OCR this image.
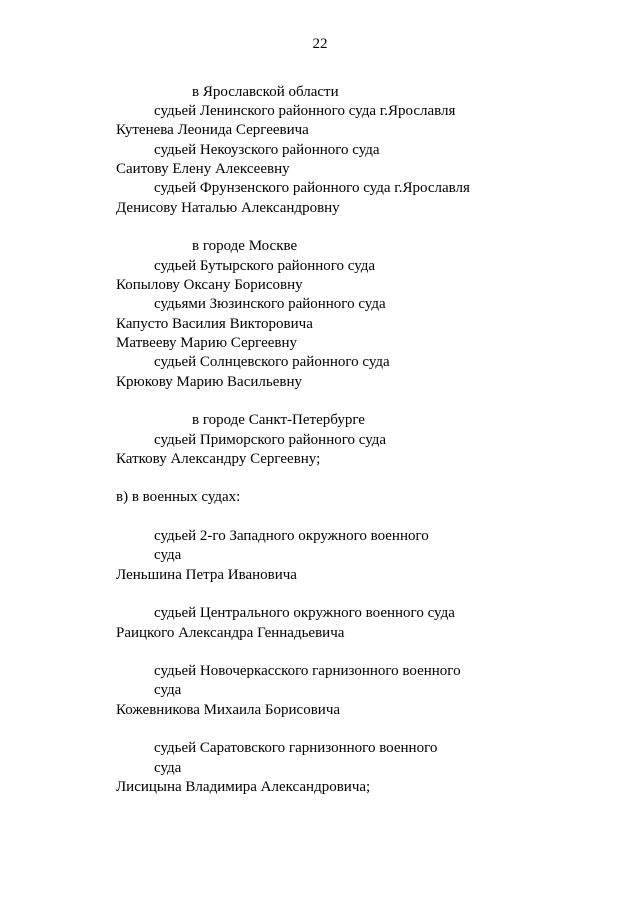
22
в Ярославской области
судьей Ленинского районного суда г.Ярославля
Кутенева Леонида Сергеевича
судьей Некоузского районного суда
Саитову Елену Алексеевну
судьей Фрунзенского районного суда г.Ярославля
Денисову Наталью Александровну
в городе Москве
судьей Бутырского районного суда
Копылову Оксану Борисовну
судьями Зюзинского районного суда
Капусто Василия Викторовича
Матвееву Марию Сергеевну
судьей Солнцевского районного суда
Крюкову Марию Васильевну
в городе Санкт-Петербурге
судьей Приморского районного суда
Каткову Александру Сергеевну;
в) в военных судах:
судьей 2-го Западного окружного военного
суда
Леньшина Петра Ивановича
судьей Центрального окружного военного суда
Раицкого Александра Геннадьевича
судьей Новочеркасского гарнизонного военного
суда
Кожевникова Михаила Борисовича
судьей Саратовского гарнизонного военного
суда
Лисицына Владимира Александровича;
